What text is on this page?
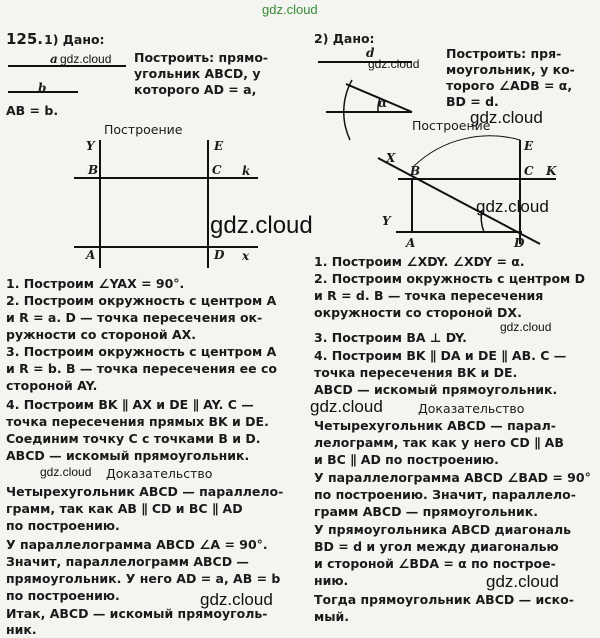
gdz.cloud
125. 1) Дано:
a gdz.cloud
b
AB = b.
Построить: прямо-
угольник ABCD, у
которого AD = a,
Построение
Y	E
B	C k
A	D x
gdz.cloud
1. Построим ∠YAX = 90°.
2. Построим окружность с центром A
и R = a. D — точка пересечения ок-
ружности со стороной AX.
3. Построим окружность с центром A
и R = b. B — точка пересечения ее со
стороной AY.
4. Построим BK ∥ AX и DE ∥ AY. C —
точка пересечения прямых BK и DE.
Соединим точку C с точками B и D.
ABCD — искомый прямоугольник.
gdz.cloud Доказательство
Четырехугольник ABCD — параллело-
грамм, так как AB ∥ CD и BC ∥ AD
по построению.
У параллелограмма ABCD ∠A = 90°.
Значит, параллелограмм ABCD —
прямоугольник. У него AD = a, AB = b
по построению.
Итак, ABCD — искомый прямоуголь-
ник.
gdz.cloud
2) Дано:
d
gdz.cloud
α
Построить: пря-
моугольник, у ко-
торого ∠ADB = α,
BD = d.
gdz.cloud
Построение
X
E
B	C K
Y
A	D
gdz.cloud
1. Построим ∠XDY. ∠XDY = α.
2. Построим окружность с центром D
и R = d. B — точка пересечения
окружности со стороной DX.
gdz.cloud
3. Построим BA ⊥ DY.
4. Построим BK ∥ DA и DE ∥ AB. C —
точка пересечения BK и DE.
ABCD — искомый прямоугольник.
gdz.cloud	Доказательство
Четырехугольник ABCD — парал-
лелограмм, так как у него CD ∥ AB
и BC ∥ AD по построению.
У параллелограмма ABCD ∠BAD = 90°
по построению. Значит, параллело-
грамм ABCD — прямоугольник.
У прямоугольника ABCD диагональ
BD = d и угол между диагональю
и стороной ∠BDA = α по построе-
нию.	gdz.cloud
Тогда прямоугольник ABCD — иско-
мый.
